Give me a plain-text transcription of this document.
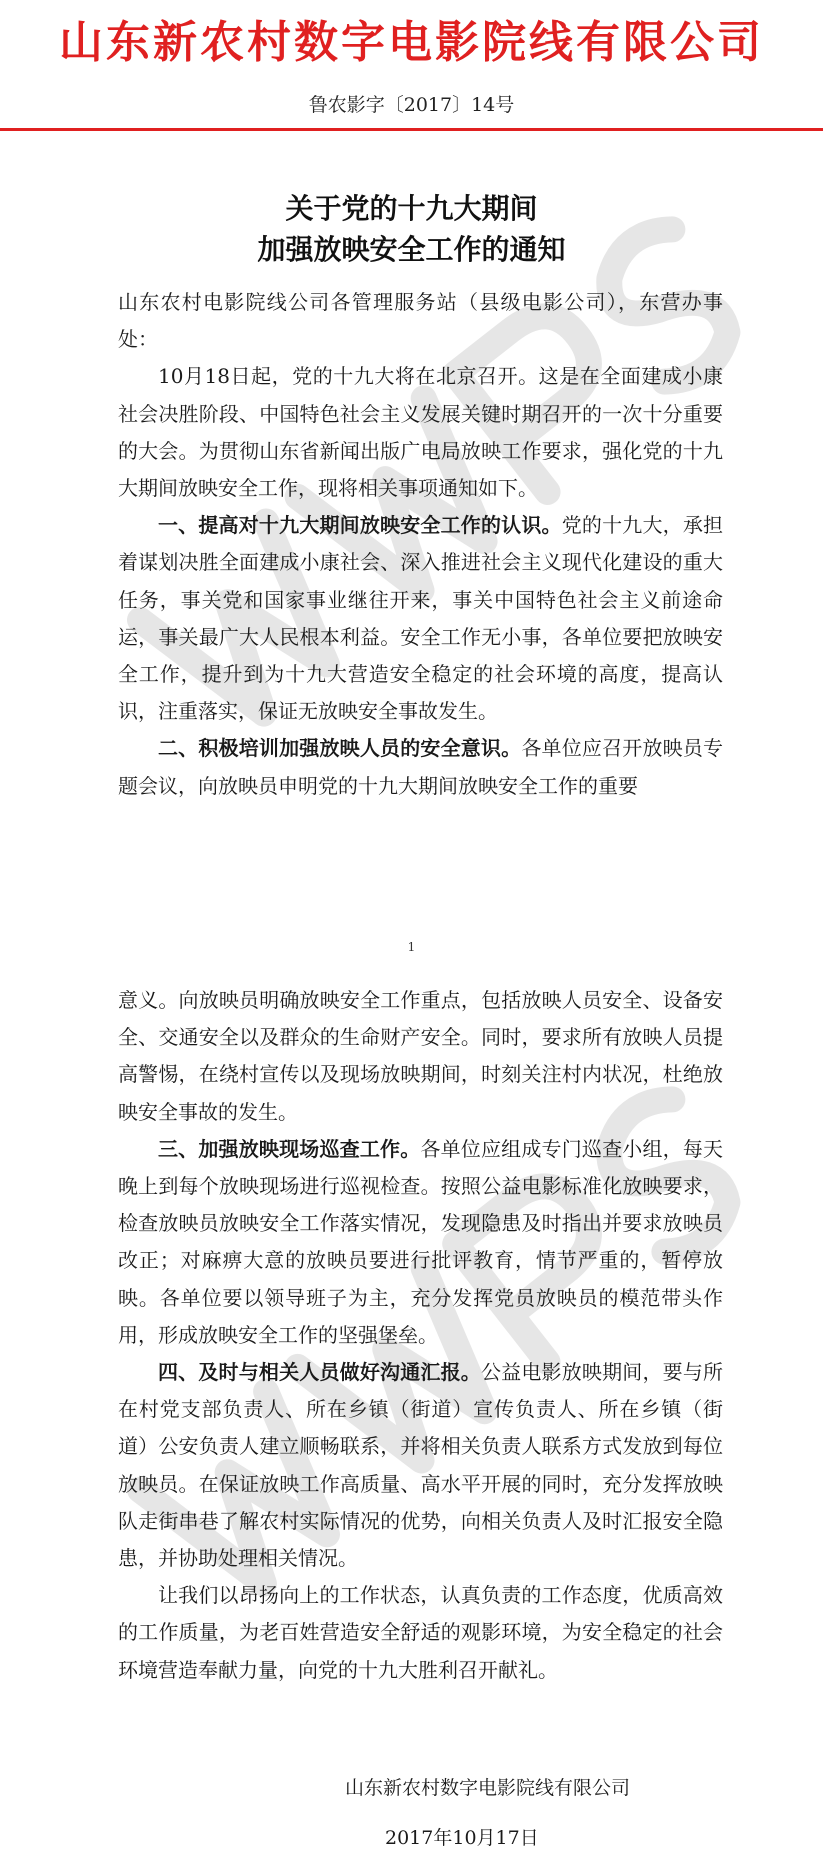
山东新农村数字电影院线有限公司
鲁农影字〔2017〕14号
关于党的十九大期间
加强放映安全工作的通知

山东农村电影院线公司各管理服务站（县级电影公司），东营办事处：

10月18日起，党的十九大将在北京召开。这是在全面建成小康社会决胜阶段、中国特色社会主义发展关键时期召开的一次十分重要的大会。为贯彻山东省新闻出版广电局放映工作要求，强化党的十九大期间放映安全工作，现将相关事项通知如下。

一、提高对十九大期间放映安全工作的认识。党的十九大，承担着谋划决胜全面建成小康社会、深入推进社会主义现代化建设的重大任务，事关党和国家事业继往开来，事关中国特色社会主义前途命运，事关最广大人民根本利益。安全工作无小事，各单位要把放映安全工作，提升到为十九大营造安全稳定的社会环境的高度，提高认识，注重落实，保证无放映安全事故发生。

二、积极培训加强放映人员的安全意识。各单位应召开放映员专题会议，向放映员申明党的十九大期间放映安全工作的重要

1

意义。向放映员明确放映安全工作重点，包括放映人员安全、设备安全、交通安全以及群众的生命财产安全。同时，要求所有放映人员提高警惕，在绕村宣传以及现场放映期间，时刻关注村内状况，杜绝放映安全事故的发生。

三、加强放映现场巡查工作。各单位应组成专门巡查小组，每天晚上到每个放映现场进行巡视检查。按照公益电影标准化放映要求，检查放映员放映安全工作落实情况，发现隐患及时指出并要求放映员改正；对麻痹大意的放映员要进行批评教育，情节严重的，暂停放映。各单位要以领导班子为主，充分发挥党员放映员的模范带头作用，形成放映安全工作的坚强堡垒。

四、及时与相关人员做好沟通汇报。公益电影放映期间，要与所在村党支部负责人、所在乡镇（街道）宣传负责人、所在乡镇（街道）公安负责人建立顺畅联系，并将相关负责人联系方式发放到每位放映员。在保证放映工作高质量、高水平开展的同时，充分发挥放映队走街串巷了解农村实际情况的优势，向相关负责人及时汇报安全隐患，并协助处理相关情况。

让我们以昂扬向上的工作状态，认真负责的工作态度，优质高效的工作质量，为老百姓营造安全舒适的观影环境，为安全稳定的社会环境营造奉献力量，向党的十九大胜利召开献礼。

山东新农村数字电影院线有限公司
2017年10月17日
